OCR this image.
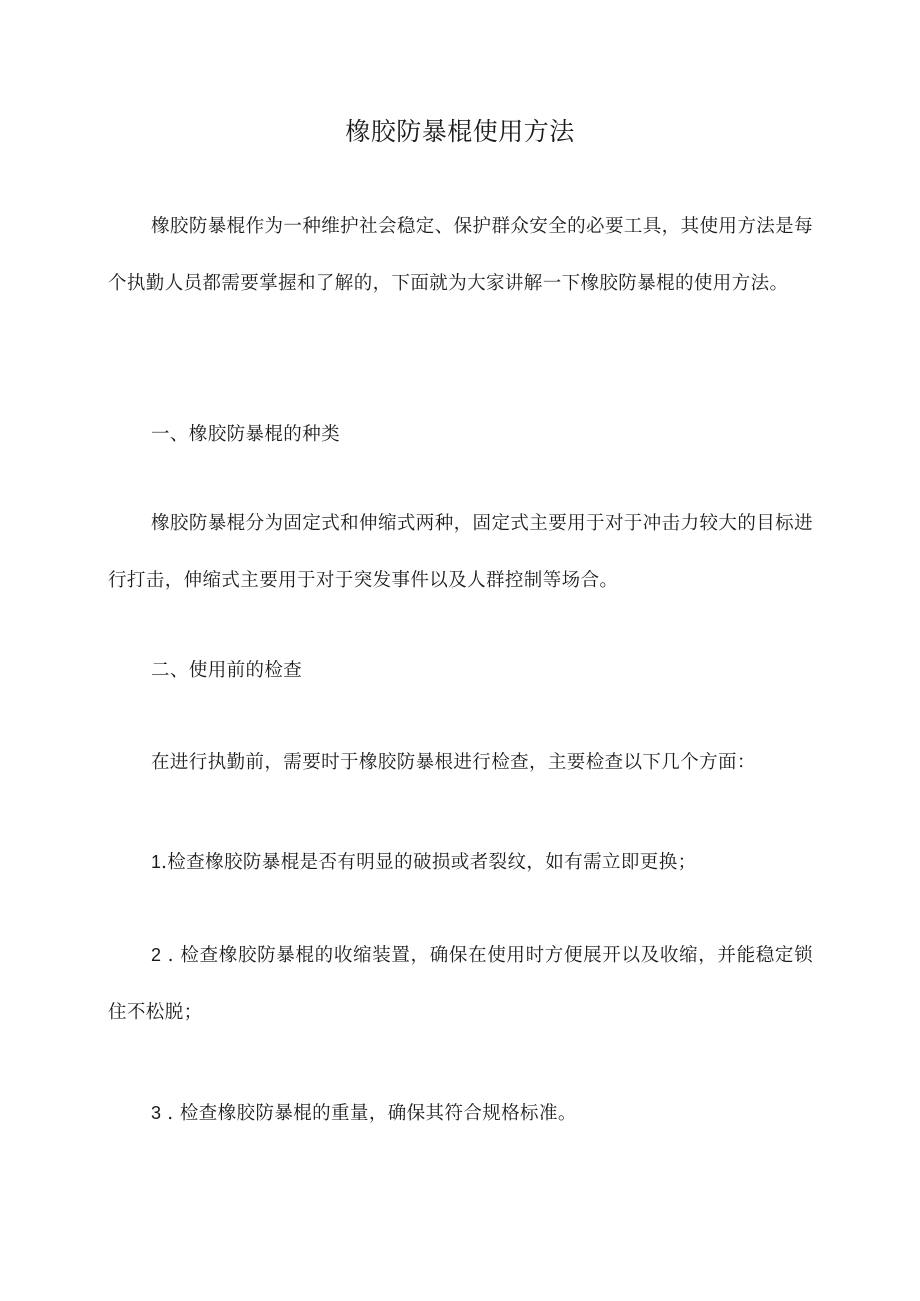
橡胶防暴棍使用方法
橡胶防暴棍作为一种维护社会稳定、保护群众安全的必要工具，其使用方法是每个执勤人员都需要掌握和了解的，下面就为大家讲解一下橡胶防暴棍的使用方法。
一、橡胶防暴棍的种类
橡胶防暴棍分为固定式和伸缩式两种，固定式主要用于对于冲击力较大的目标进行打击，伸缩式主要用于对于突发事件以及人群控制等场合。
二、使用前的检查
在进行执勤前，需要时于橡胶防暴根进行检查，主要检查以下几个方面：
1.检查橡胶防暴棍是否有明显的破损或者裂纹，如有需立即更换；
2 . 检查橡胶防暴棍的收缩装置，确保在使用时方便展开以及收缩，并能稳定锁住不松脱；
3 . 检查橡胶防暴棍的重量，确保其符合规格标准。
